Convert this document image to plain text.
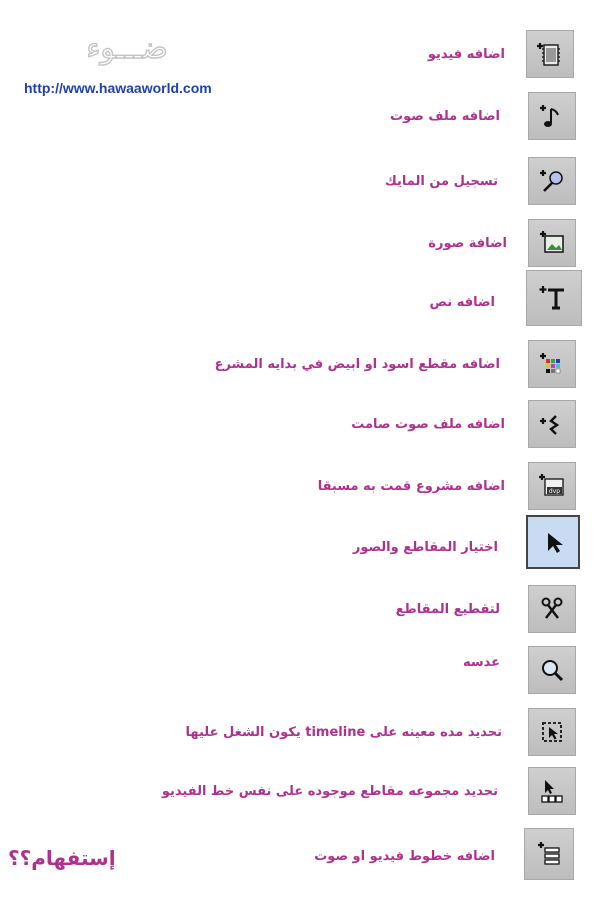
ضـــوء
http://www.hawaaworld.com
اضافه فيديو
اضافه ملف صوت
تسجيل من المايك
اضافة صورة
اضافه نص
اضافه مقطع اسود او ابيض في بدايه المشرع
اضافه ملف صوت صامت
اضافه مشروع قمت به مسبقا	dvp
اختيار المقاطع والصور
لتقطيع المقاطع
عدسه
تحديد مده معينه على timeline يكون الشغل عليها
تحديد مجموعه مقاطع موجوده على نفس خط الفيديو
اضافه خطوط فيديو او صوت
إستفهام؟؟
